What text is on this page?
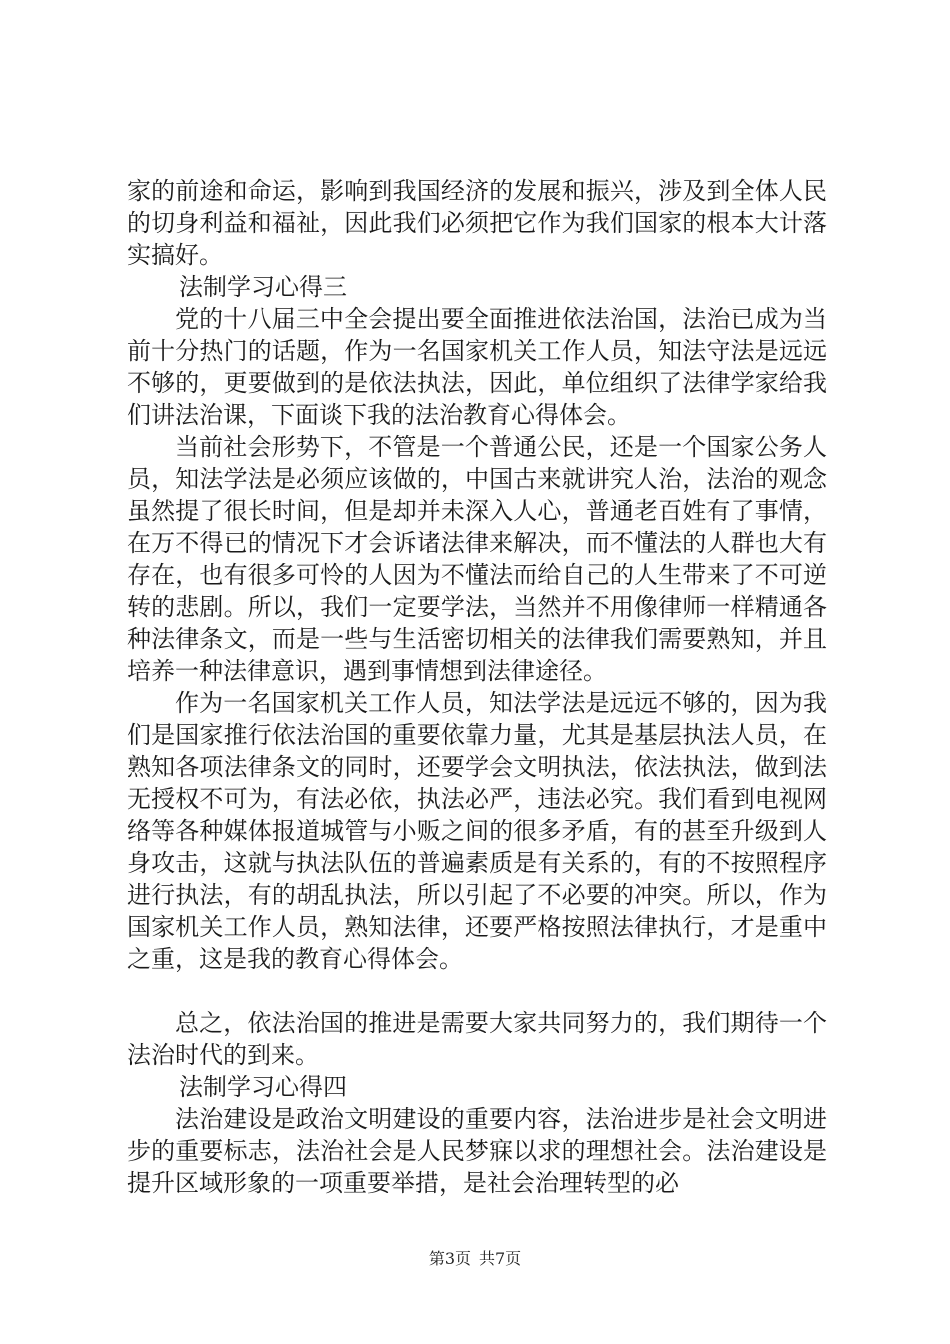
家的前途和命运，影响到我国经济的发展和振兴，涉及到全体人民的切身利益和福祉，因此我们必须把它作为我们国家的根本大计落实搞好。

法制学习心得三

党的十八届三中全会提出要全面推进依法治国，法治已成为当前十分热门的话题，作为一名国家机关工作人员，知法守法是远远不够的，更要做到的是依法执法，因此，单位组织了法律学家给我们讲法治课，下面谈下我的法治教育心得体会。

当前社会形势下，不管是一个普通公民，还是一个国家公务人员，知法学法是必须应该做的，中国古来就讲究人治，法治的观念虽然提了很长时间，但是却并未深入人心，普通老百姓有了事情，在万不得已的情况下才会诉诸法律来解决，而不懂法的人群也大有存在，也有很多可怜的人因为不懂法而给自己的人生带来了不可逆转的悲剧。所以，我们一定要学法，当然并不用像律师一样精通各种法律条文，而是一些与生活密切相关的法律我们需要熟知，并且培养一种法律意识，遇到事情想到法律途径。

作为一名国家机关工作人员，知法学法是远远不够的，因为我们是国家推行依法治国的重要依靠力量，尤其是基层执法人员，在熟知各项法律条文的同时，还要学会文明执法，依法执法，做到法无授权不可为，有法必依，执法必严，违法必究。我们看到电视网络等各种媒体报道城管与小贩之间的很多矛盾，有的甚至升级到人身攻击，这就与执法队伍的普遍素质是有关系的，有的不按照程序进行执法，有的胡乱执法，所以引起了不必要的冲突。所以，作为国家机关工作人员，熟知法律，还要严格按照法律执行，才是重中之重，这是我的教育心得体会。

总之，依法治国的推进是需要大家共同努力的，我们期待一个法治时代的到来。

法制学习心得四

法治建设是政治文明建设的重要内容，法治进步是社会文明进步的重要标志，法治社会是人民梦寐以求的理想社会。法治建设是提升区域形象的一项重要举措，是社会治理转型的必

第3页 共7页
